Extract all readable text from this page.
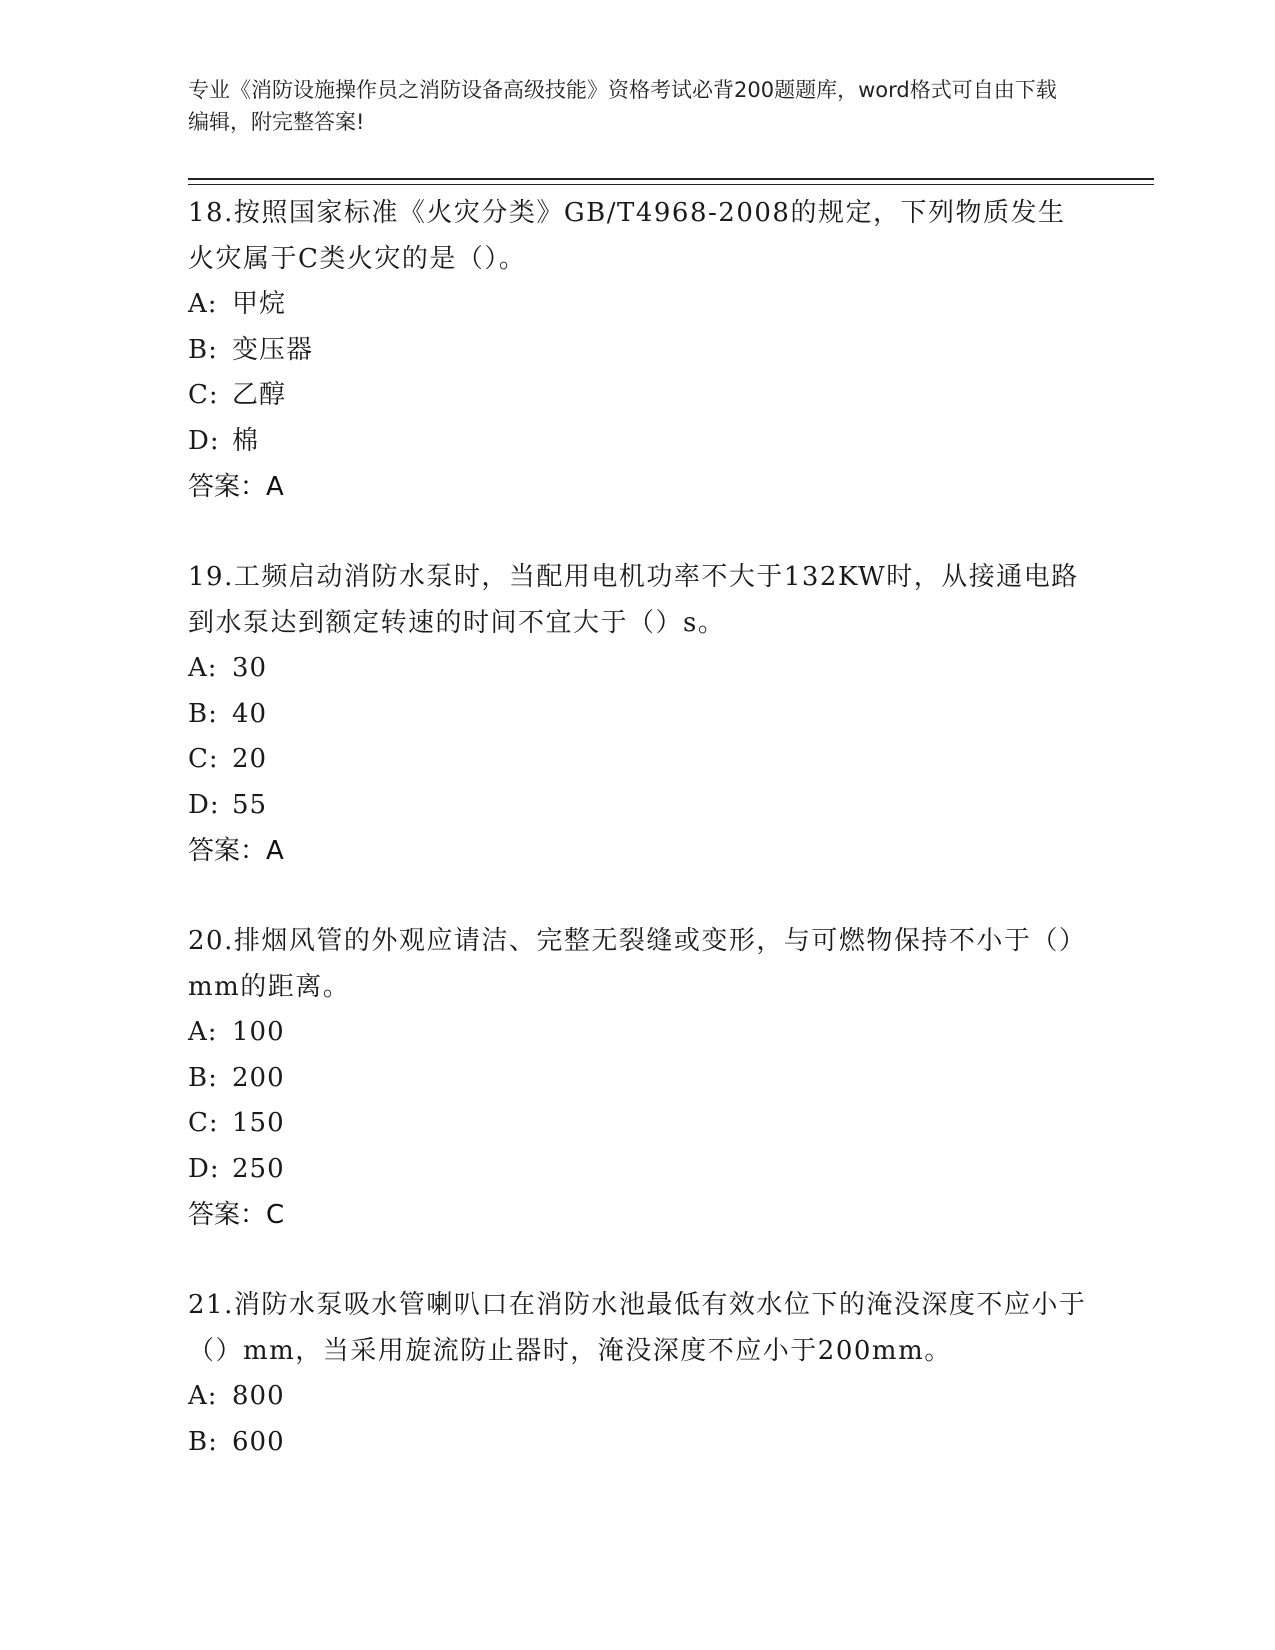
专业《消防设施操作员之消防设备高级技能》资格考试必背200题题库，word格式可自由下载编辑，附完整答案!

18.按照国家标准《火灾分类》GB/T4968-2008的规定，下列物质发生火灾属于C类火灾的是（）。

A: 甲烷
B: 变压器
C: 乙醇
D: 棉
答案：A

19.工频启动消防水泵时，当配用电机功率不大于132KW时，从接通电路到水泵达到额定转速的时间不宜大于（）s。

A: 30
B: 40
C: 20
D: 55
答案：A

20.排烟风管的外观应请洁、完整无裂缝或变形，与可燃物保持不小于（）mm的距离。

A: 100
B: 200
C: 150
D: 250
答案：C

21.消防水泵吸水管喇叭口在消防水池最低有效水位下的淹没深度不应小于（）mm，当采用旋流防止器时，淹没深度不应小于200mm。

A: 800
B: 600
